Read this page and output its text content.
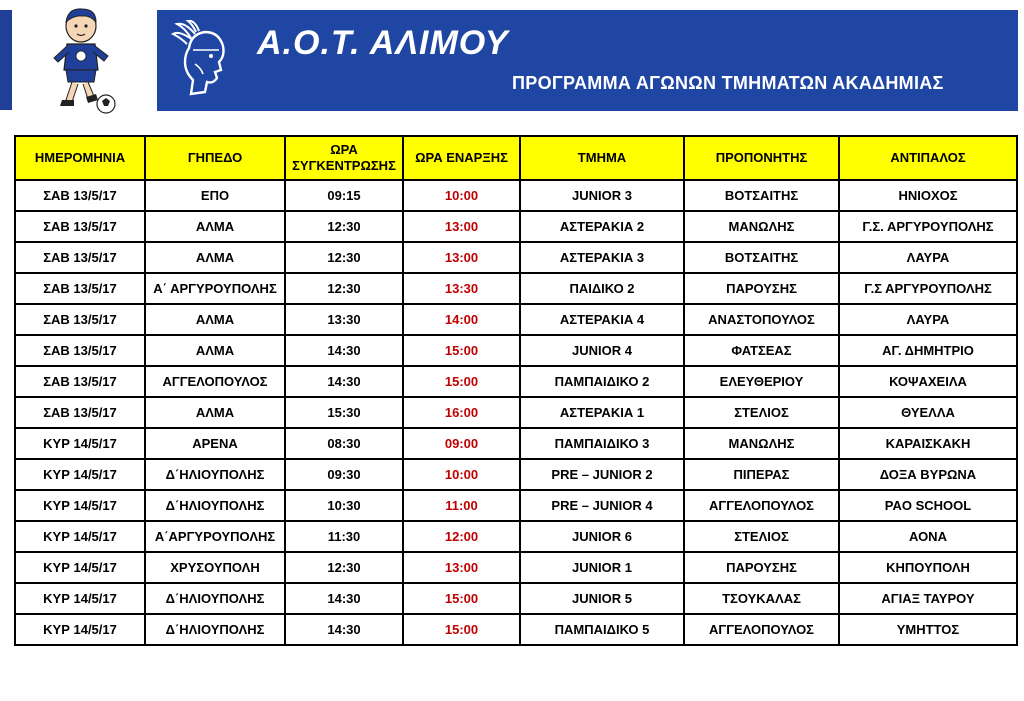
Α.Ο.Τ. ΑΛΙΜΟΥ
ΠΡΟΓΡΑΜΜΑ ΑΓΩΝΩΝ ΤΜΗΜΑΤΩΝ ΑΚΑΔΗΜΙΑΣ
ΗΜΕΡΟΜΗΝΙΑ	ΓΗΠΕΔΟ	ΩΡΑ ΣΥΓΚΕΝΤΡΩΣΗΣ	ΩΡΑ ΕΝΑΡΞΗΣ	ΤΜΗΜΑ	ΠΡΟΠΟΝΗΤΗΣ	ΑΝΤΙΠΑΛΟΣ
ΣΑΒ 13/5/17	ΕΠΟ	09:15	10:00	JUNIOR 3	ΒΟΤΣΑΙΤΗΣ	ΗΝΙΟΧΟΣ
ΣΑΒ 13/5/17	ΑΛΜΑ	12:30	13:00	ΑΣΤΕΡΑΚΙΑ 2	ΜΑΝΩΛΗΣ	Γ.Σ. ΑΡΓΥΡΟΥΠΟΛΗΣ
ΣΑΒ 13/5/17	ΑΛΜΑ	12:30	13:00	ΑΣΤΕΡΑΚΙΑ 3	ΒΟΤΣΑΙΤΗΣ	ΛΑΥΡΑ
ΣΑΒ 13/5/17	Α΄ ΑΡΓΥΡΟΥΠΟΛΗΣ	12:30	13:30	ΠΑΙΔΙΚΟ 2	ΠΑΡΟΥΣΗΣ	Γ.Σ ΑΡΓΥΡΟΥΠΟΛΗΣ
ΣΑΒ 13/5/17	ΑΛΜΑ	13:30	14:00	ΑΣΤΕΡΑΚΙΑ 4	ΑΝΑΣΤΟΠΟΥΛΟΣ	ΛΑΥΡΑ
ΣΑΒ 13/5/17	ΑΛΜΑ	14:30	15:00	JUNIOR 4	ΦΑΤΣΕΑΣ	ΑΓ. ΔΗΜΗΤΡΙΟ
ΣΑΒ 13/5/17	ΑΓΓΕΛΟΠΟΥΛΟΣ	14:30	15:00	ΠΑΜΠΑΙΔΙΚΟ 2	ΕΛΕΥΘΕΡΙΟΥ	ΚΟΨΑΧΕΙΛΑ
ΣΑΒ 13/5/17	ΑΛΜΑ	15:30	16:00	ΑΣΤΕΡΑΚΙΑ 1	ΣΤΕΛΙΟΣ	ΘΥΕΛΛΑ
ΚΥΡ 14/5/17	ΑΡΕΝΑ	08:30	09:00	ΠΑΜΠΑΙΔΙΚΟ 3	ΜΑΝΩΛΗΣ	ΚΑΡΑΙΣΚΑΚΗ
ΚΥΡ 14/5/17	Δ΄ΗΛΙΟΥΠΟΛΗΣ	09:30	10:00	PRE – JUNIOR 2	ΠΙΠΕΡΑΣ	ΔΟΞΑ ΒΥΡΩΝΑ
ΚΥΡ 14/5/17	Δ΄ΗΛΙΟΥΠΟΛΗΣ	10:30	11:00	PRE – JUNIOR 4	ΑΓΓΕΛΟΠΟΥΛΟΣ	PAO SCHOOL
ΚΥΡ 14/5/17	Α΄ΑΡΓΥΡΟΥΠΟΛΗΣ	11:30	12:00	JUNIOR 6	ΣΤΕΛΙΟΣ	ΑΟΝΑ
ΚΥΡ 14/5/17	ΧΡΥΣΟΥΠΟΛΗ	12:30	13:00	JUNIOR 1	ΠΑΡΟΥΣΗΣ	ΚΗΠΟΥΠΟΛΗ
ΚΥΡ 14/5/17	Δ΄ΗΛΙΟΥΠΟΛΗΣ	14:30	15:00	JUNIOR 5	ΤΣΟΥΚΑΛΑΣ	ΑΓΙΑΞ ΤΑΥΡΟΥ
ΚΥΡ 14/5/17	Δ΄ΗΛΙΟΥΠΟΛΗΣ	14:30	15:00	ΠΑΜΠΑΙΔΙΚΟ 5	ΑΓΓΕΛΟΠΟΥΛΟΣ	ΥΜΗΤΤΟΣ
